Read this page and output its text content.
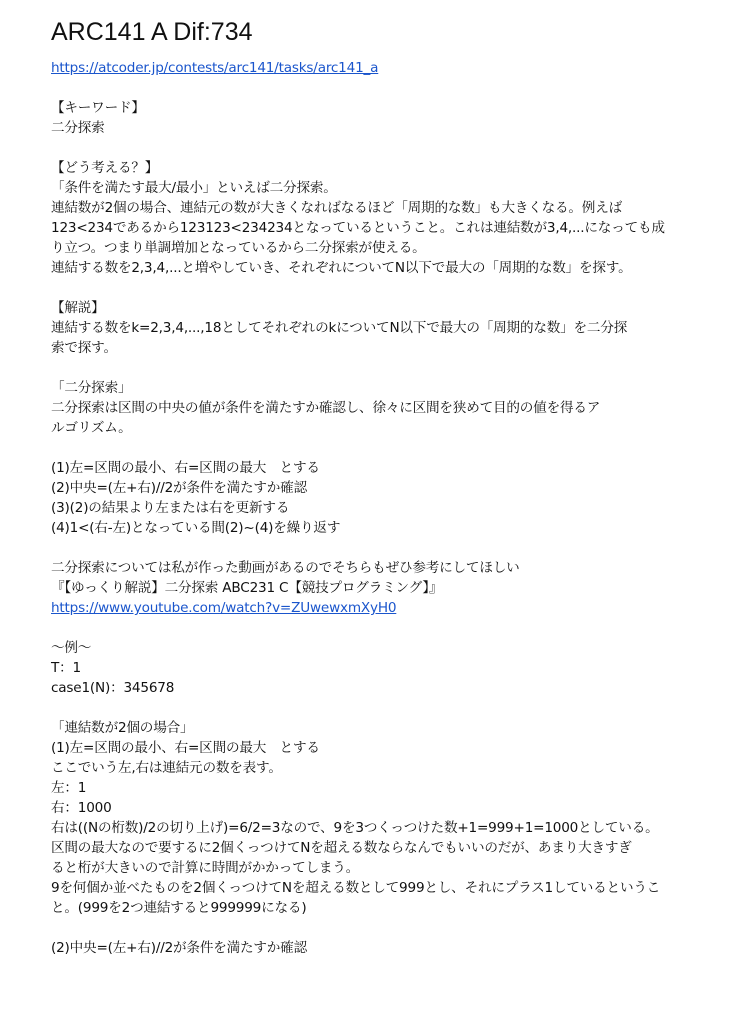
ARC141 A Dif:734
https://atcoder.jp/contests/arc141/tasks/arc141_a
【キーワード】
二分探索
【どう考える？】
「条件を満たす最大/最小」といえば二分探索。
連結数が2個の場合、連結元の数が大きくなればなるほど「周期的な数」も大きくなる。例えば
123<234であるから123123<234234となっているということ。これは連結数が3,4,...になっても成
り立つ。つまり単調増加となっているから二分探索が使える。
連結する数を2,3,4,...と増やしていき、それぞれについてN以下で最大の「周期的な数」を探す。
【解説】
連結する数をk=2,3,4,...,18としてそれぞれのkについてN以下で最大の「周期的な数」を二分探
索で探す。
「二分探索」
二分探索は区間の中央の値が条件を満たすか確認し、徐々に区間を狭めて目的の値を得るア
ルゴリズム。
(1)左=区間の最小、右=区間の最大　とする
(2)中央=(左+右)//2が条件を満たすか確認
(3)(2)の結果より左または右を更新する
(4)1<(右-左)となっている間(2)~(4)を繰り返す
二分探索については私が作った動画があるのでそちらもぜひ参考にしてほしい
『【ゆっくり解説】二分探索 ABC231 C【競技プログラミング】』
https://www.youtube.com/watch?v=ZUwewxmXyH0
～例～
T：1
case1(N)：345678
「連結数が2個の場合」
(1)左=区間の最小、右=区間の最大　とする
ここでいう左,右は連結元の数を表す。
左：1
右：1000
右は((Nの桁数)/2の切り上げ)=6/2=3なので、9を3つくっつけた数+1=999+1=1000としている。
区間の最大なので要するに2個くっつけてNを超える数ならなんでもいいのだが、あまり大きすぎ
ると桁が大きいので計算に時間がかかってしまう。
9を何個か並べたものを2個くっつけてNを超える数として999とし、それにプラス1しているというこ
と。(999を2つ連結すると999999になる)
(2)中央=(左+右)//2が条件を満たすか確認
